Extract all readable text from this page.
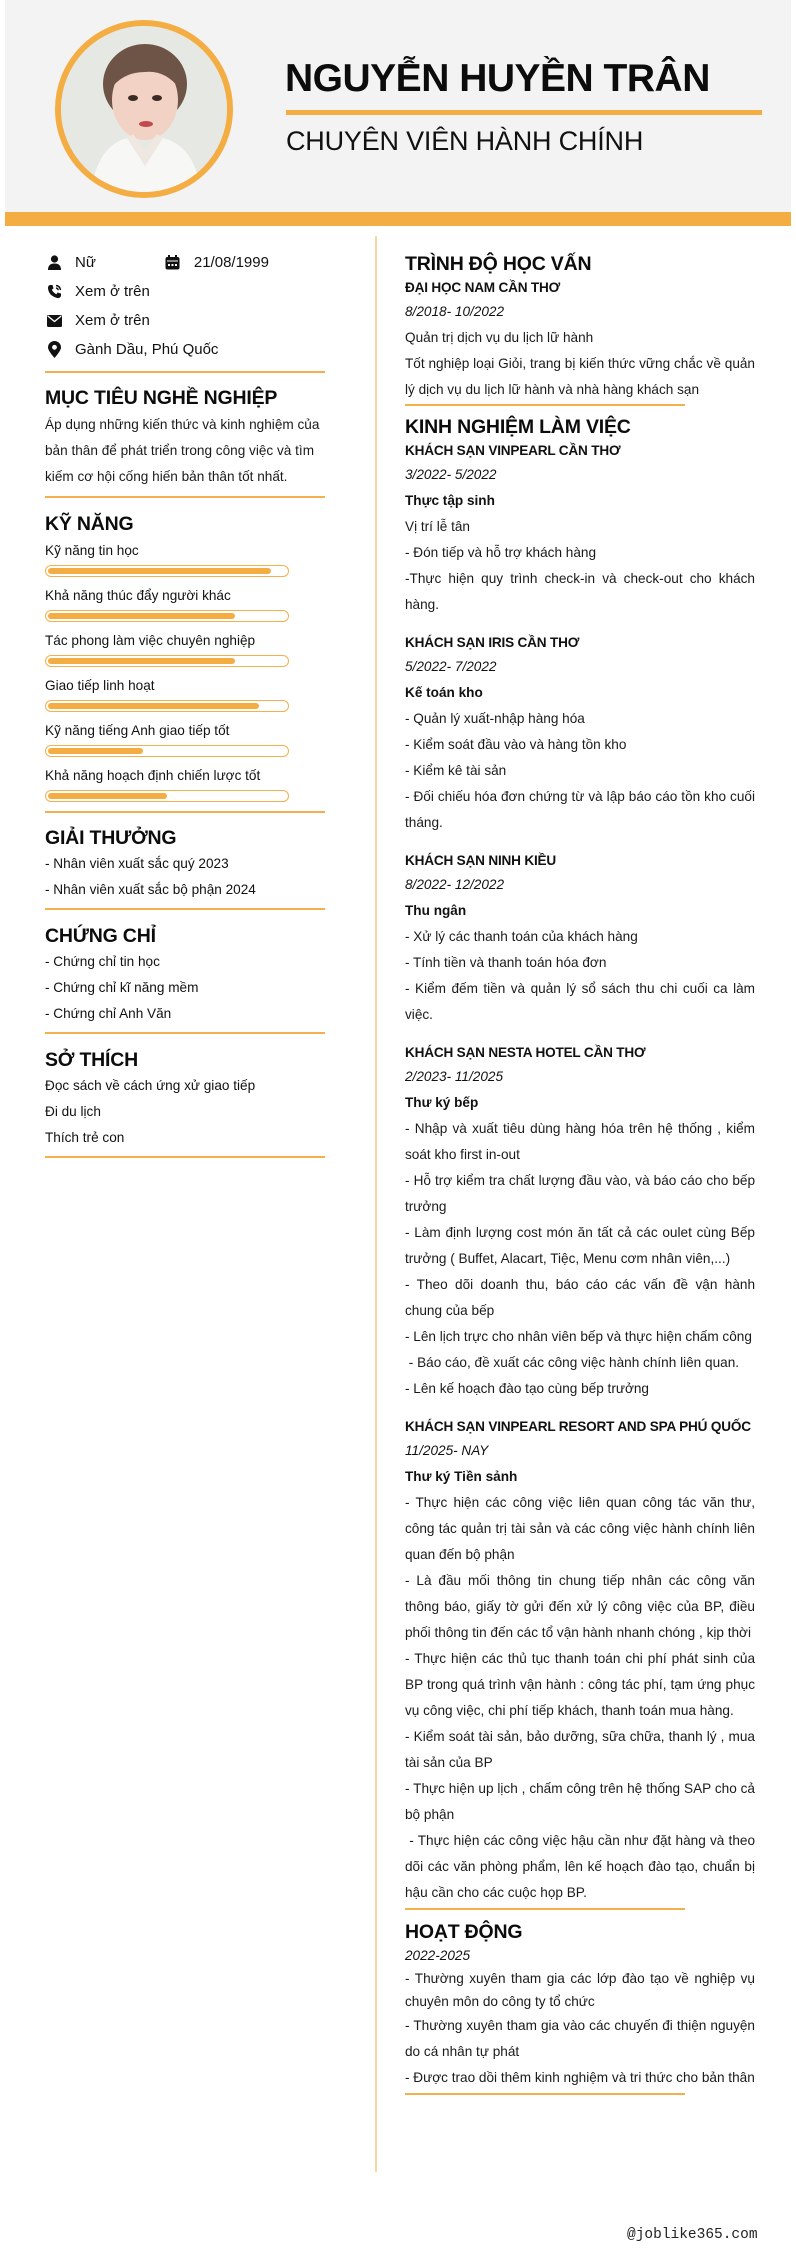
NGUYỄN HUYỀN TRÂN
CHUYÊN VIÊN HÀNH CHÍNH
Nữ	21/08/1999
Xem ở trên
Xem ở trên
Gành Dầu, Phú Quốc
MỤC TIÊU NGHỀ NGHIỆP
Áp dụng những kiến thức và kinh nghiệm của bản thân để phát triển trong công việc và tìm kiếm cơ hội cống hiến bản thân tốt nhất.
KỸ NĂNG
Kỹ năng tin học
Khả năng thúc đẩy người khác
Tác phong làm việc chuyên nghiệp
Giao tiếp linh hoạt
Kỹ năng tiếng Anh giao tiếp tốt
Khả năng hoạch định chiến lược tốt
GIẢI THƯỞNG
- Nhân viên xuất sắc quý 2023
- Nhân viên xuất sắc bộ phận 2024
CHỨNG CHỈ
- Chứng chỉ tin học
- Chứng chỉ kĩ năng mềm
- Chứng chỉ Anh Văn
SỞ THÍCH
Đọc sách về cách ứng xử giao tiếp
Đi du lịch
Thích trẻ con
TRÌNH ĐỘ HỌC VẤN
ĐẠI HỌC NAM CẦN THƠ
8/2018- 10/2022
Quản trị dịch vụ du lịch lữ hành
Tốt nghiệp loại Giỏi, trang bị kiến thức vững chắc về quản lý dịch vụ du lịch lữ hành và nhà hàng khách sạn
KINH NGHIỆM LÀM VIỆC
KHÁCH SẠN VINPEARL CẦN THƠ
3/2022- 5/2022
Thực tập sinh
Vị trí lễ tân
- Đón tiếp và hỗ trợ khách hàng
-Thực hiện quy trình check-in và check-out cho khách hàng.
KHÁCH SẠN IRIS CẦN THƠ
5/2022- 7/2022
Kế toán kho
- Quản lý xuất-nhập hàng hóa
- Kiểm soát đầu vào và hàng tồn kho
- Kiểm kê tài sản
- Đối chiếu hóa đơn chứng từ và lập báo cáo tồn kho cuối tháng.
KHÁCH SẠN NINH KIỀU
8/2022- 12/2022
Thu ngân
- Xử lý các thanh toán của khách hàng
- Tính tiền và thanh toán hóa đơn
- Kiểm đếm tiền và quản lý sổ sách thu chi cuối ca làm việc.
KHÁCH SẠN NESTA HOTEL CẦN THƠ
2/2023- 11/2025
Thư ký bếp
- Nhập và xuất tiêu dùng hàng hóa trên hệ thống , kiểm soát kho first in-out
- Hỗ trợ kiểm tra chất lượng đầu vào, và báo cáo cho bếp trưởng
- Làm định lượng cost món ăn tất cả các oulet cùng Bếp trưởng ( Buffet, Alacart, Tiệc, Menu cơm nhân viên,...)
- Theo dõi doanh thu, báo cáo các vấn đề vận hành chung của bếp
- Lên lịch trực cho nhân viên bếp và thực hiện chấm công
- Báo cáo, đề xuất các công việc hành chính liên quan.
- Lên kế hoạch đào tạo cùng bếp trưởng
KHÁCH SẠN VINPEARL RESORT AND SPA PHÚ QUỐC
11/2025- NAY
Thư ký Tiền sảnh
- Thực hiện các công việc liên quan công tác văn thư, công tác quản trị tài sản và các công việc hành chính liên quan đến bộ phận
- Là đầu mối thông tin chung tiếp nhân các công văn thông báo, giấy tờ gửi đến xử lý công việc của BP, điều phối thông tin đến các tổ vận hành nhanh chóng , kịp thời
- Thực hiện các thủ tục thanh toán chi phí phát sinh của BP trong quá trình vận hành : công tác phí, tạm ứng phục vụ công việc, chi phí tiếp khách, thanh toán mua hàng.
- Kiểm soát tài sản, bảo dưỡng, sữa chữa, thanh lý , mua tài sản của BP
- Thực hiện up lịch , chấm công trên hệ thống SAP cho cả bộ phận
- Thực hiện các công việc hậu cần như đặt hàng và theo dõi các văn phòng phẩm, lên kế hoạch đào tạo, chuẩn bị hậu cần cho các cuộc họp BP.
HOẠT ĐỘNG
2022-2025
- Thường xuyên tham gia các lớp đào tạo về nghiệp vụ chuyên môn do công ty tổ chức
- Thường xuyên tham gia vào các chuyến đi thiện nguyện do cá nhân tự phát
- Được trao dồi thêm kinh nghiệm và tri thức cho bản thân
@joblike365.com
